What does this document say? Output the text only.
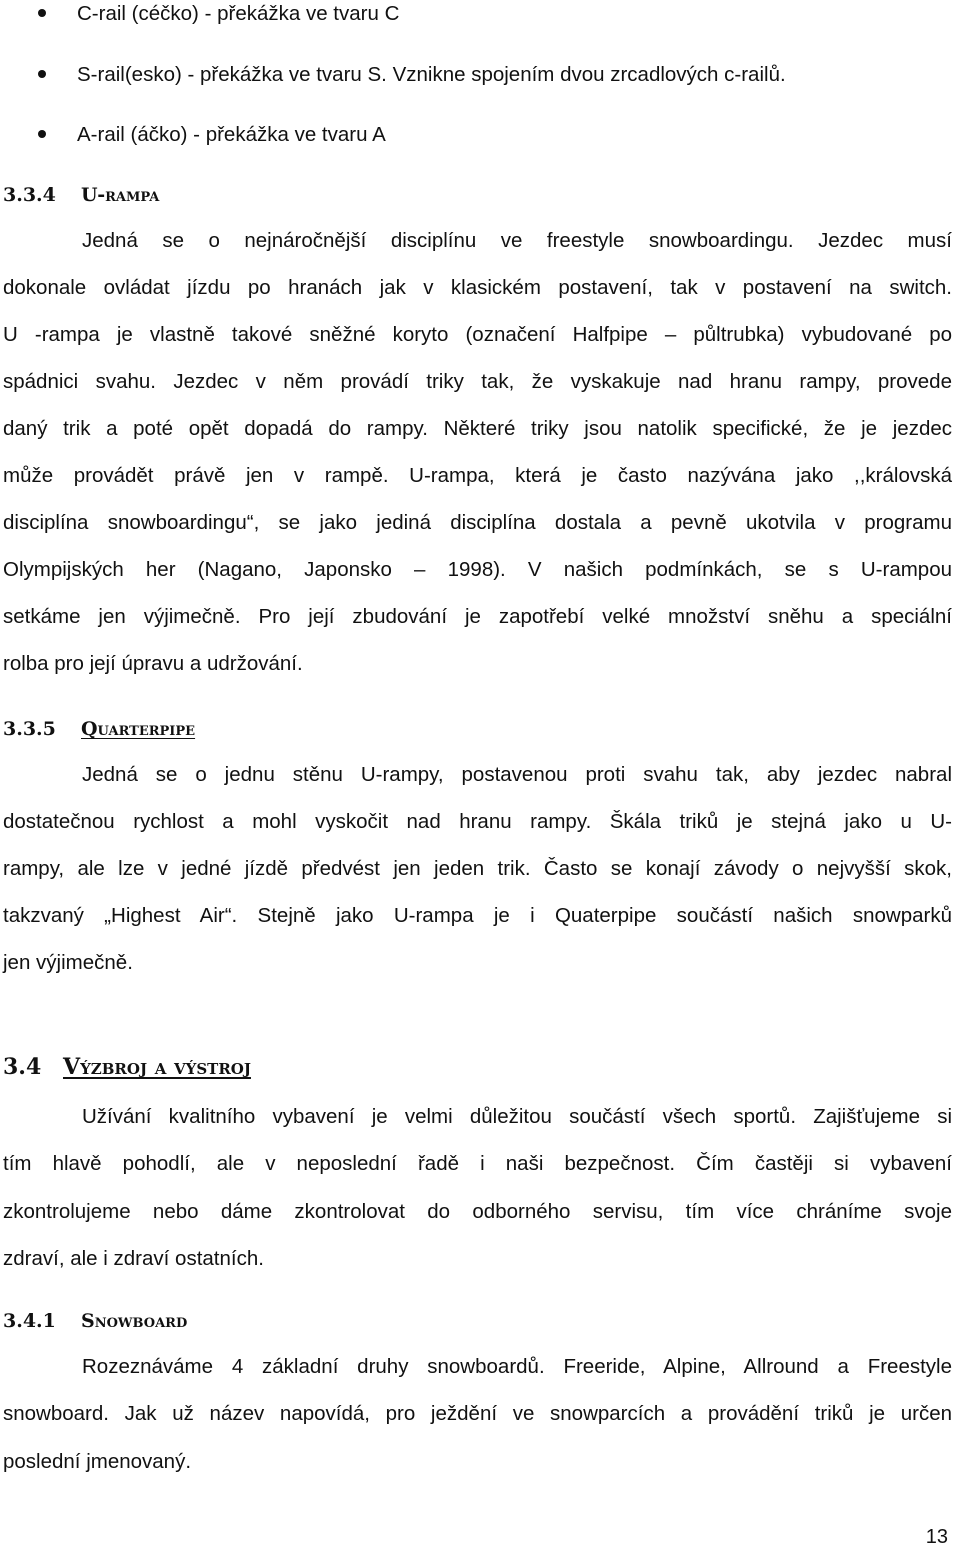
C-rail (céčko) - překážka ve tvaru C
S-rail(esko) - překážka ve tvaru S. Vznikne spojením dvou zrcadlových c-railů.
A-rail (áčko) - překážka ve tvaru A
3.3.4 U-rampa
Jedná se o nejnáročnější disciplínu ve freestyle snowboardingu. Jezdec musí
dokonale ovládat jízdu po hranách jak v klasickém postavení, tak v postavení na switch.
U -rampa je vlastně takové sněžné koryto (označení Halfpipe – půltrubka) vybudované po
spádnici svahu. Jezdec v něm provádí triky tak, že vyskakuje nad hranu rampy, provede
daný trik a poté opět dopadá do rampy. Některé triky jsou natolik specifické, že je jezdec
může provádět právě jen v rampě. U-rampa, která je často nazývána jako ,,královská
disciplína snowboardingu“, se jako jediná disciplína dostala a pevně ukotvila v programu
Olympijských her (Nagano, Japonsko – 1998). V našich podmínkách, se s U-rampou
setkáme jen výjimečně. Pro její zbudování je zapotřebí velké množství sněhu a speciální
rolba pro její úpravu a udržování.
3.3.5 Quarterpipe
Jedná se o jednu stěnu U-rampy, postavenou proti svahu tak, aby jezdec nabral
dostatečnou rychlost a mohl vyskočit nad hranu rampy. Škála triků je stejná jako u U-
rampy, ale lze v jedné jízdě předvést jen jeden trik. Často se konají závody o nejvyšší skok,
takzvaný „Highest Air“. Stejně jako U-rampa je i Quaterpipe součástí našich snowparků
jen výjimečně.
3.4 Výzbroj a výstroj
Užívání kvalitního vybavení je velmi důležitou součástí všech sportů. Zajišťujeme si
tím hlavě pohodlí, ale v neposlední řadě i naši bezpečnost. Čím častěji si vybavení
zkontrolujeme nebo dáme zkontrolovat do odborného servisu, tím více chráníme svoje
zdraví, ale i zdraví ostatních.
3.4.1 Snowboard
Rozeznáváme 4 základní druhy snowboardů. Freeride, Alpine, Allround a Freestyle
snowboard. Jak už název napovídá, pro ježdění ve snowparcích a provádění triků je určen
poslední jmenovaný.
13
